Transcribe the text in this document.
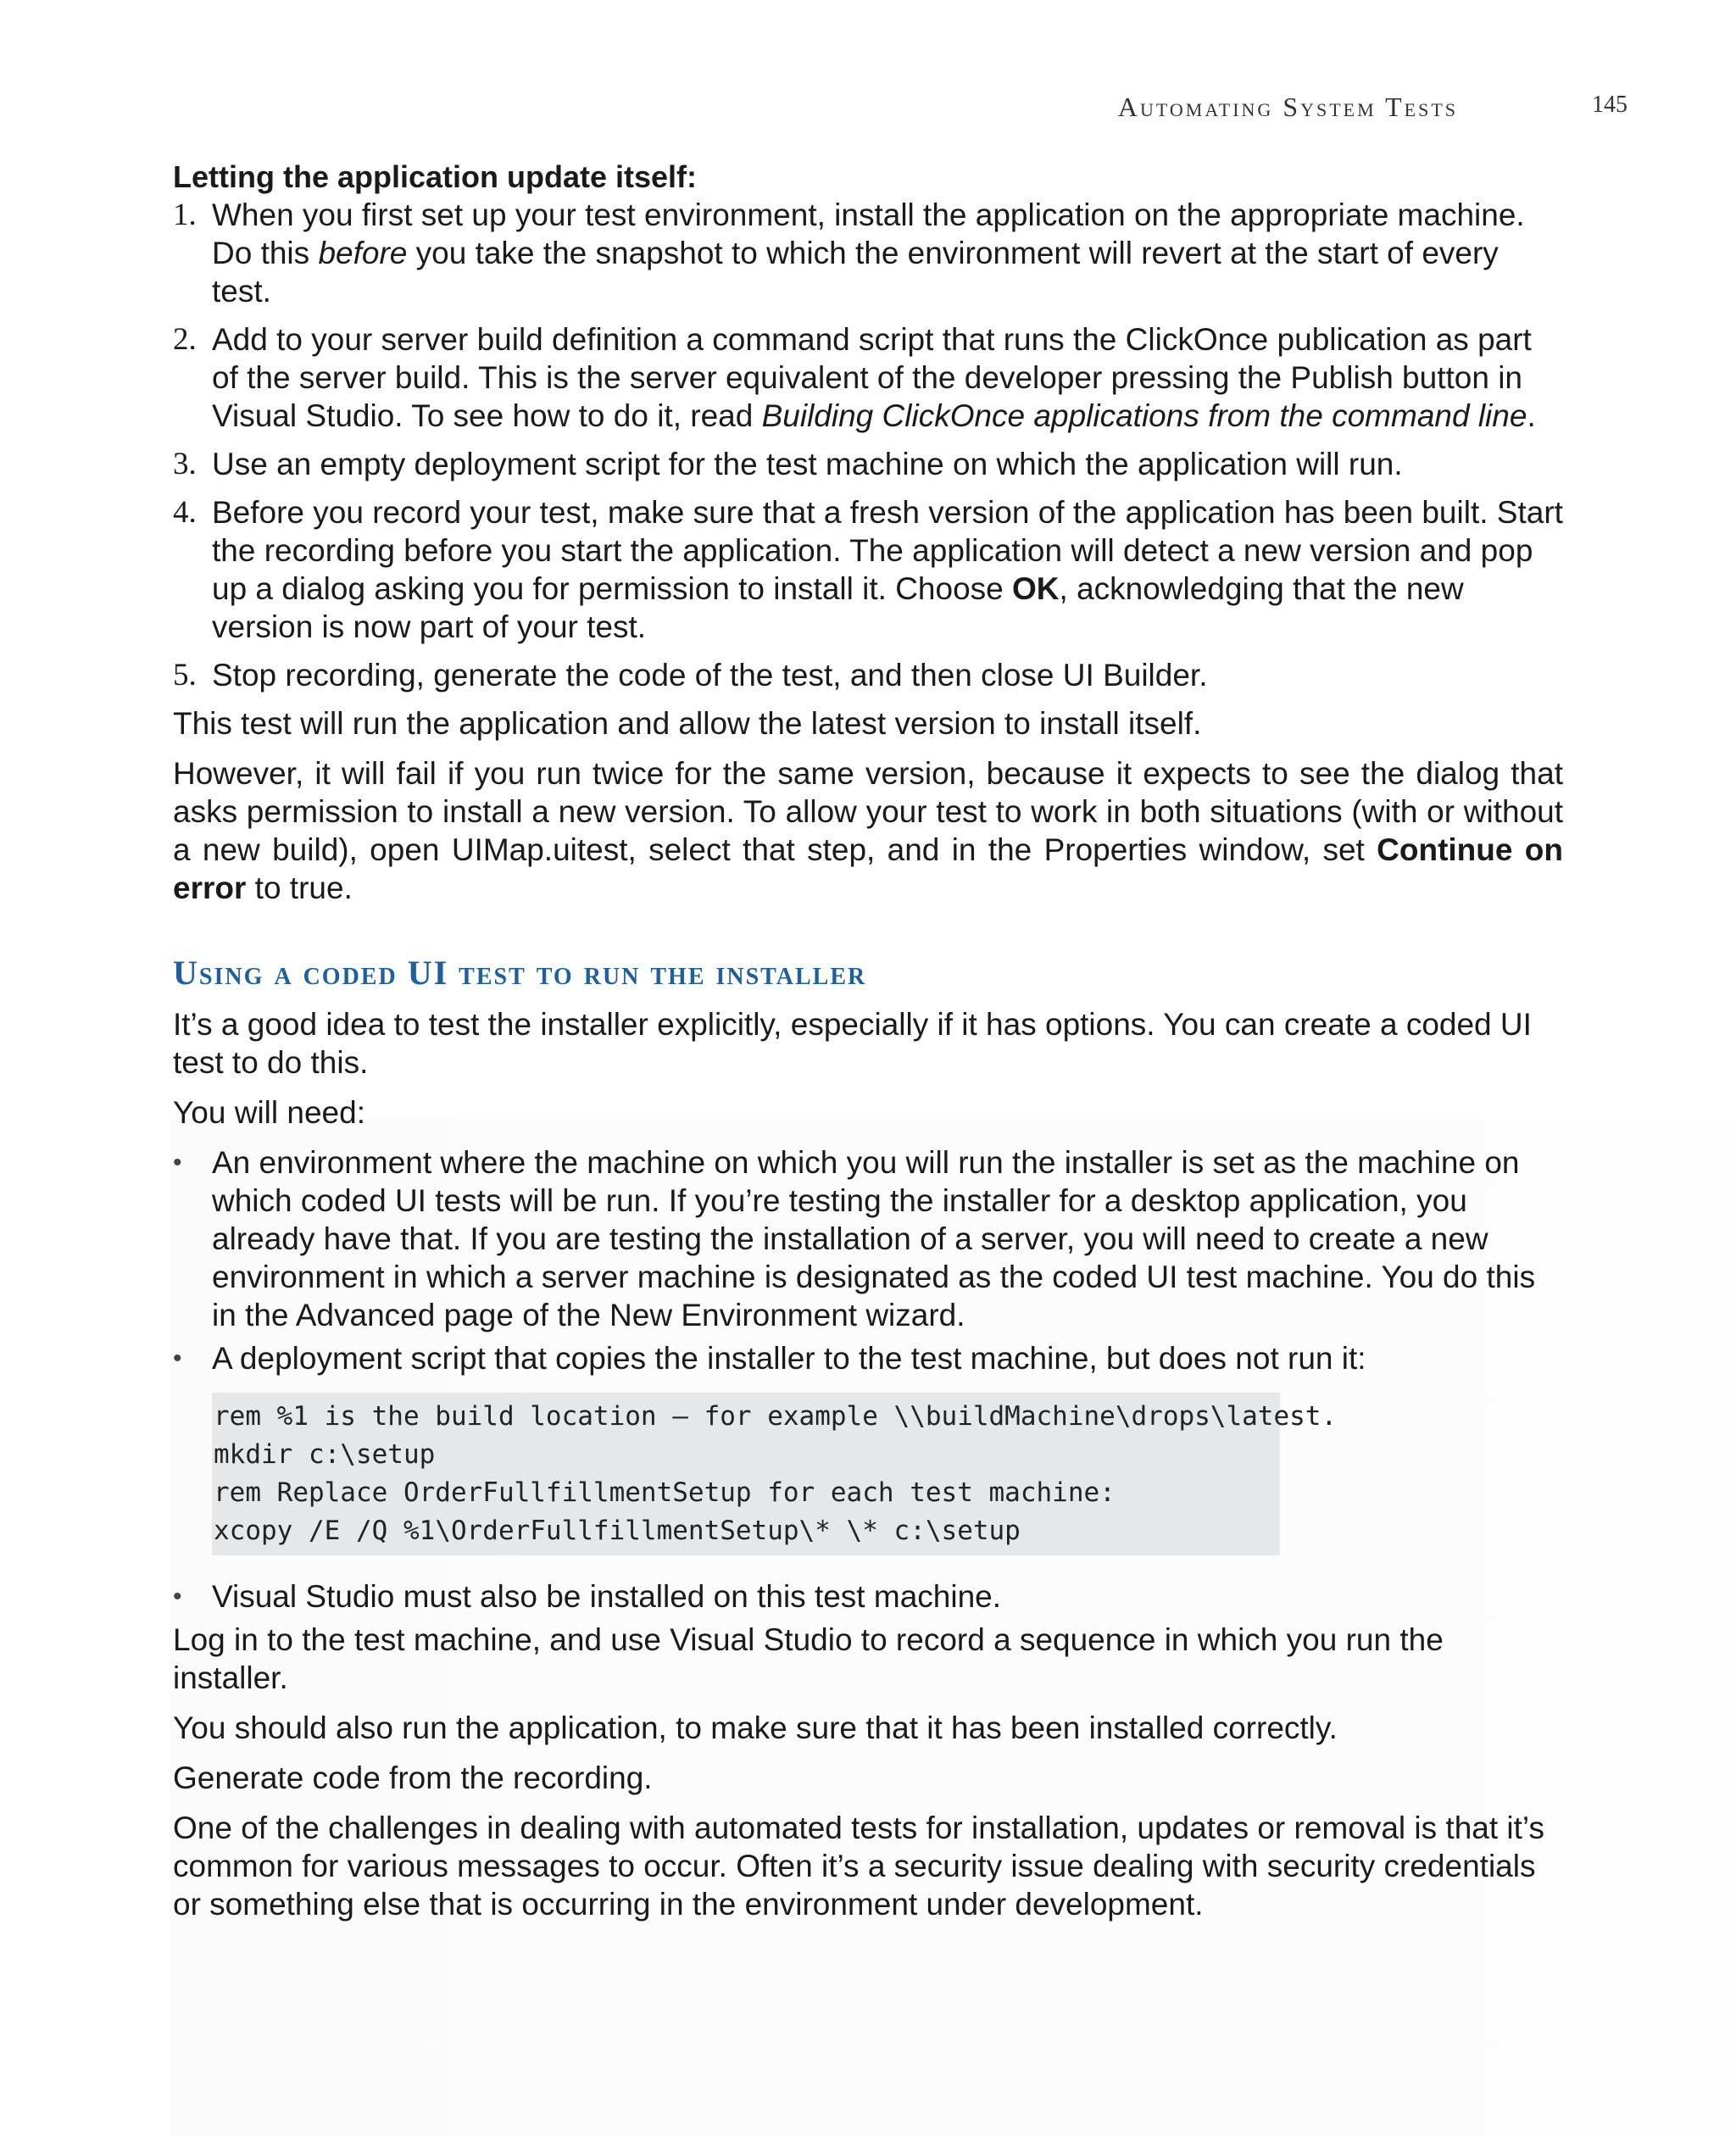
Automating System Tests	145

Letting the application update itself:

1. When you first set up your test environment, install the application on the appropriate machine. Do this before you take the snapshot to which the environment will revert at the start of every test.
2. Add to your server build definition a command script that runs the ClickOnce publication as part of the server build. This is the server equivalent of the developer pressing the Publish button in Visual Studio. To see how to do it, read Building ClickOnce applications from the command line.
3. Use an empty deployment script for the test machine on which the application will run.
4. Before you record your test, make sure that a fresh version of the application has been built. Start the recording before you start the application. The application will detect a new version and pop up a dialog asking you for permission to install it. Choose OK, acknowledging that the new version is now part of your test.
5. Stop recording, generate the code of the test, and then close UI Builder.

This test will run the application and allow the latest version to install itself.

However, it will fail if you run twice for the same version, because it expects to see the dialog that asks permission to install a new version. To allow your test to work in both situations (with or without a new build), open UIMap.uitest, select that step, and in the Properties window, set Continue on error to true.

Using a coded UI test to run the installer

It’s a good idea to test the installer explicitly, especially if it has options. You can create a coded UI test to do this.

You will need:

• An environment where the machine on which you will run the installer is set as the machine on which coded UI tests will be run. If you’re testing the installer for a desktop application, you already have that. If you are testing the installation of a server, you will need to create a new environment in which a server machine is designated as the coded UI test machine. You do this in the Advanced page of the New Environment wizard.
• A deployment script that copies the installer to the test machine, but does not run it:
rem %1 is the build location – for example \\buildMachine\drops\latest.
mkdir c:\setup
rem Replace OrderFullfillmentSetup for each test machine:
xcopy /E /Q %1\OrderFullfillmentSetup\* \* c:\setup
• Visual Studio must also be installed on this test machine.

Log in to the test machine, and use Visual Studio to record a sequence in which you run the installer.

You should also run the application, to make sure that it has been installed correctly.

Generate code from the recording.

One of the challenges in dealing with automated tests for installation, updates or removal is that it’s common for various messages to occur. Often it’s a security issue dealing with security credentials or something else that is occurring in the environment under development.
